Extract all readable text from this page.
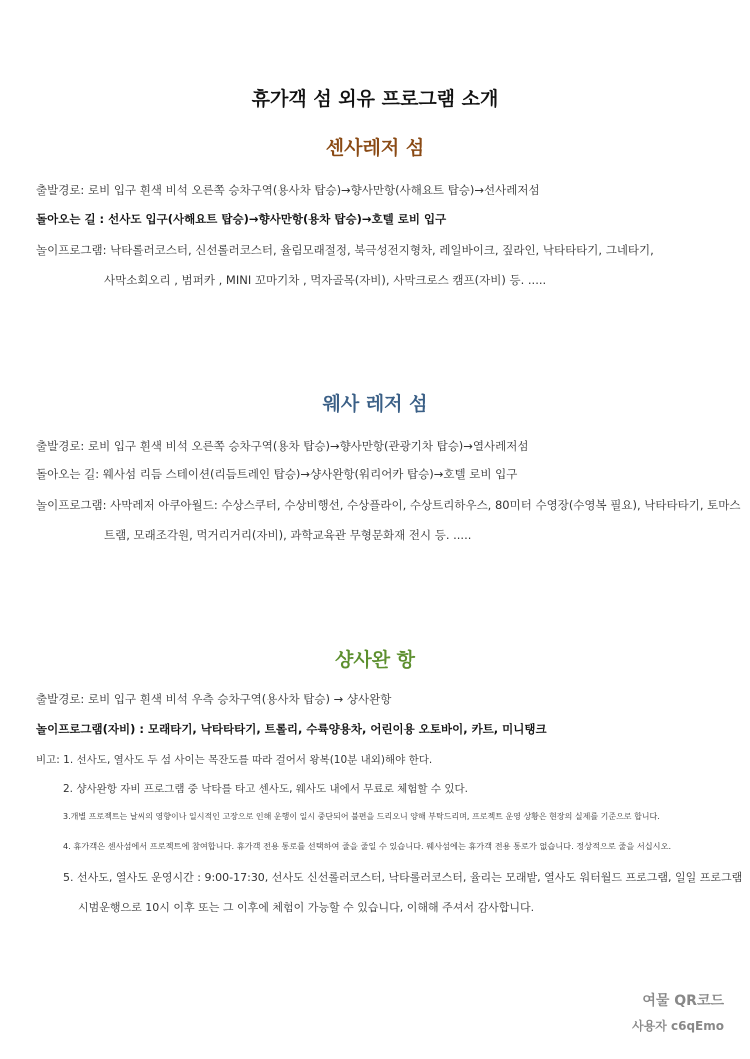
휴가객 섬 외유 프로그램 소개
센사레저 섬
출발경로: 로비 입구 흰색 비석 오른쪽 승차구역(용사차 탑승)→향사만항(사해요트 탑승)→선사레저섬
돌아오는 길 : 선사도 입구(사해요트 탑승)→향사만항(용차 탑승)→호텔 로비 입구
놀이프로그램: 낙타롤러코스터, 신선롤러코스터, 율림모래절정, 북극성전지형차, 레일바이크, 짚라인, 낙타타타기, 그네타기,
사막소회오리 , 범퍼카 , MINI 꼬마기차 , 먹자골목(자비), 사막크로스 캠프(자비) 등. .....
웨사 레저 섬
출발경로: 로비 입구 흰색 비석 오른쪽 승차구역(용차 탑승)→향사만항(관광기차 탑승)→열사레저섬
돌아오는 길: 웨사섬 리듬 스테이션(리듬트레인 탑승)→샹사완항(워리어카 탑승)→호텔 로비 입구
놀이프로그램: 사막레저 아쿠아월드: 수상스쿠터, 수상비행선, 수상플라이, 수상트리하우스, 80미터 수영장(수영복 필요), 낙타타타기, 토마스
트램, 모래조각원, 먹거리거리(자비), 과학교육관 무형문화재 전시 등. .....
샹사완 항
출발경로: 로비 입구 흰색 비석 우측 승차구역(용사차 탑승) → 샹사완항
놀이프로그램(자비) : 모래타기, 낙타타타기, 트롤리, 수륙양용차, 어린이용 오토바이, 카트, 미니탱크
비고: 1. 선사도, 열사도 두 섬 사이는 목잔도를 따라 걸어서 왕복(10분 내외)해야 한다.
2. 샹사완항 자비 프로그램 중 낙타를 타고 센사도, 웨사도 내에서 무료로 체험할 수 있다.
3.개별 프로젝트는 날씨의 영향이나 일시적인 고장으로 인해 운행이 일시 중단되어 불편을 드리오니 양해 부탁드리며, 프로젝트 운영 상황은 현장의 실제를 기준으로 합니다.
4. 휴가객은 센사섬에서 프로젝트에 참여합니다. 휴가객 전용 통로를 선택하여 줄을 줄일 수 있습니다. 웨사섬에는 휴가객 전용 통로가 없습니다. 정상적으로 줄을 서십시오.
5. 선사도, 열사도 운영시간 : 9:00-17:30, 선사도 신선롤러코스터, 낙타롤러코스터, 율리는 모래밭, 열사도 워터월드 프로그램, 일일 프로그램
시범운행으로 10시 이후 또는 그 이후에 체험이 가능할 수 있습니다, 이해해 주셔서 감사합니다.
여물 QR코드
사용자 c6qEmo
